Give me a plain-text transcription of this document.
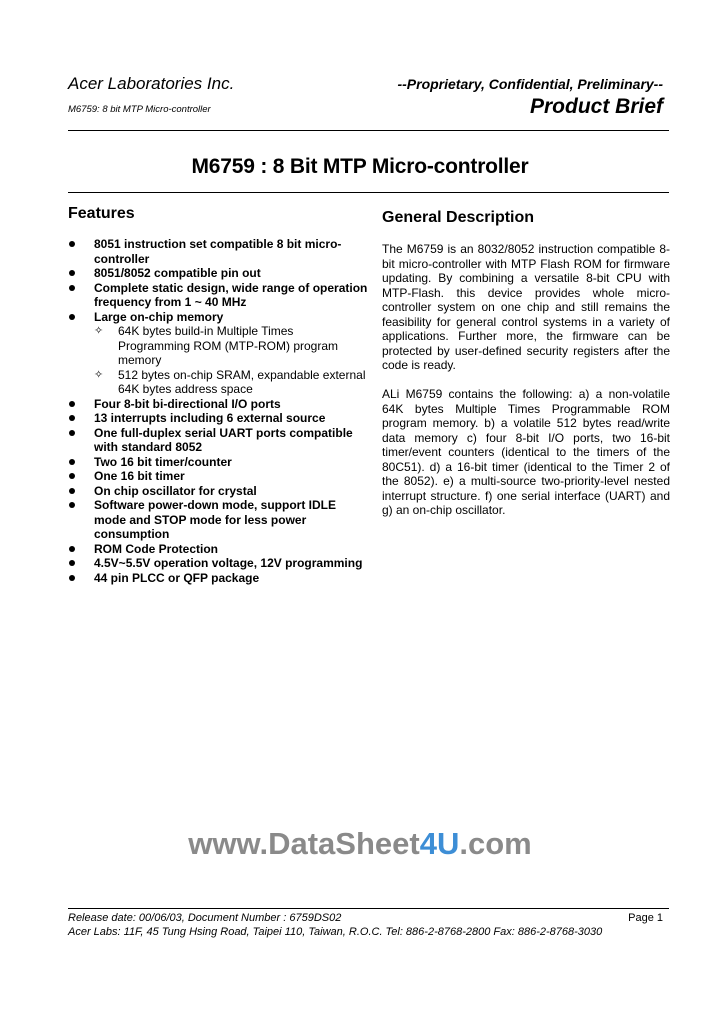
Acer Laboratories Inc.
M6759: 8 bit MTP Micro-controller
--Proprietary, Confidential, Preliminary--
Product Brief
M6759 : 8 Bit MTP Micro-controller
Features
8051 instruction set compatible 8 bit micro-controller
8051/8052 compatible pin out
Complete static design, wide range of operation frequency from 1 ~ 40 MHz
Large on-chip memory
✧ 64K bytes build-in Multiple Times Programming ROM (MTP-ROM) program memory
✧ 512 bytes on-chip SRAM, expandable external 64K bytes address space
Four 8-bit bi-directional I/O ports
13 interrupts including 6 external source
One full-duplex serial UART ports compatible with standard 8052
Two 16 bit timer/counter
One 16 bit timer
On chip oscillator for crystal
Software power-down mode, support IDLE mode and STOP mode for less power consumption
ROM Code Protection
4.5V~5.5V operation voltage, 12V programming
44 pin PLCC or QFP package
General Description

The M6759 is an 8032/8052 instruction compatible 8-bit micro-controller with MTP Flash ROM for firmware updating. By combining a versatile 8-bit CPU with MTP-Flash. this device provides whole micro-controller system on one chip and still remains the feasibility for general control systems in a variety of applications. Further more, the firmware can be protected by user-defined security registers after the code is ready.

ALi M6759 contains the following: a) a non-volatile 64K bytes Multiple Times Programmable ROM program memory. b) a volatile 512 bytes read/write data memory c) four 8-bit I/O ports, two 16-bit timer/event counters (identical to the timers of the 80C51). d) a 16-bit timer (identical to the Timer 2 of the 8052). e) a multi-source two-priority-level nested interrupt structure. f) one serial interface (UART) and g) an on-chip oscillator.

www.DataSheet4U.com
Release date: 00/06/03, Document Number : 6759DS02	Page 1
Acer Labs: 11F, 45 Tung Hsing Road, Taipei 110, Taiwan, R.O.C. Tel: 886-2-8768-2800 Fax: 886-2-8768-3030
